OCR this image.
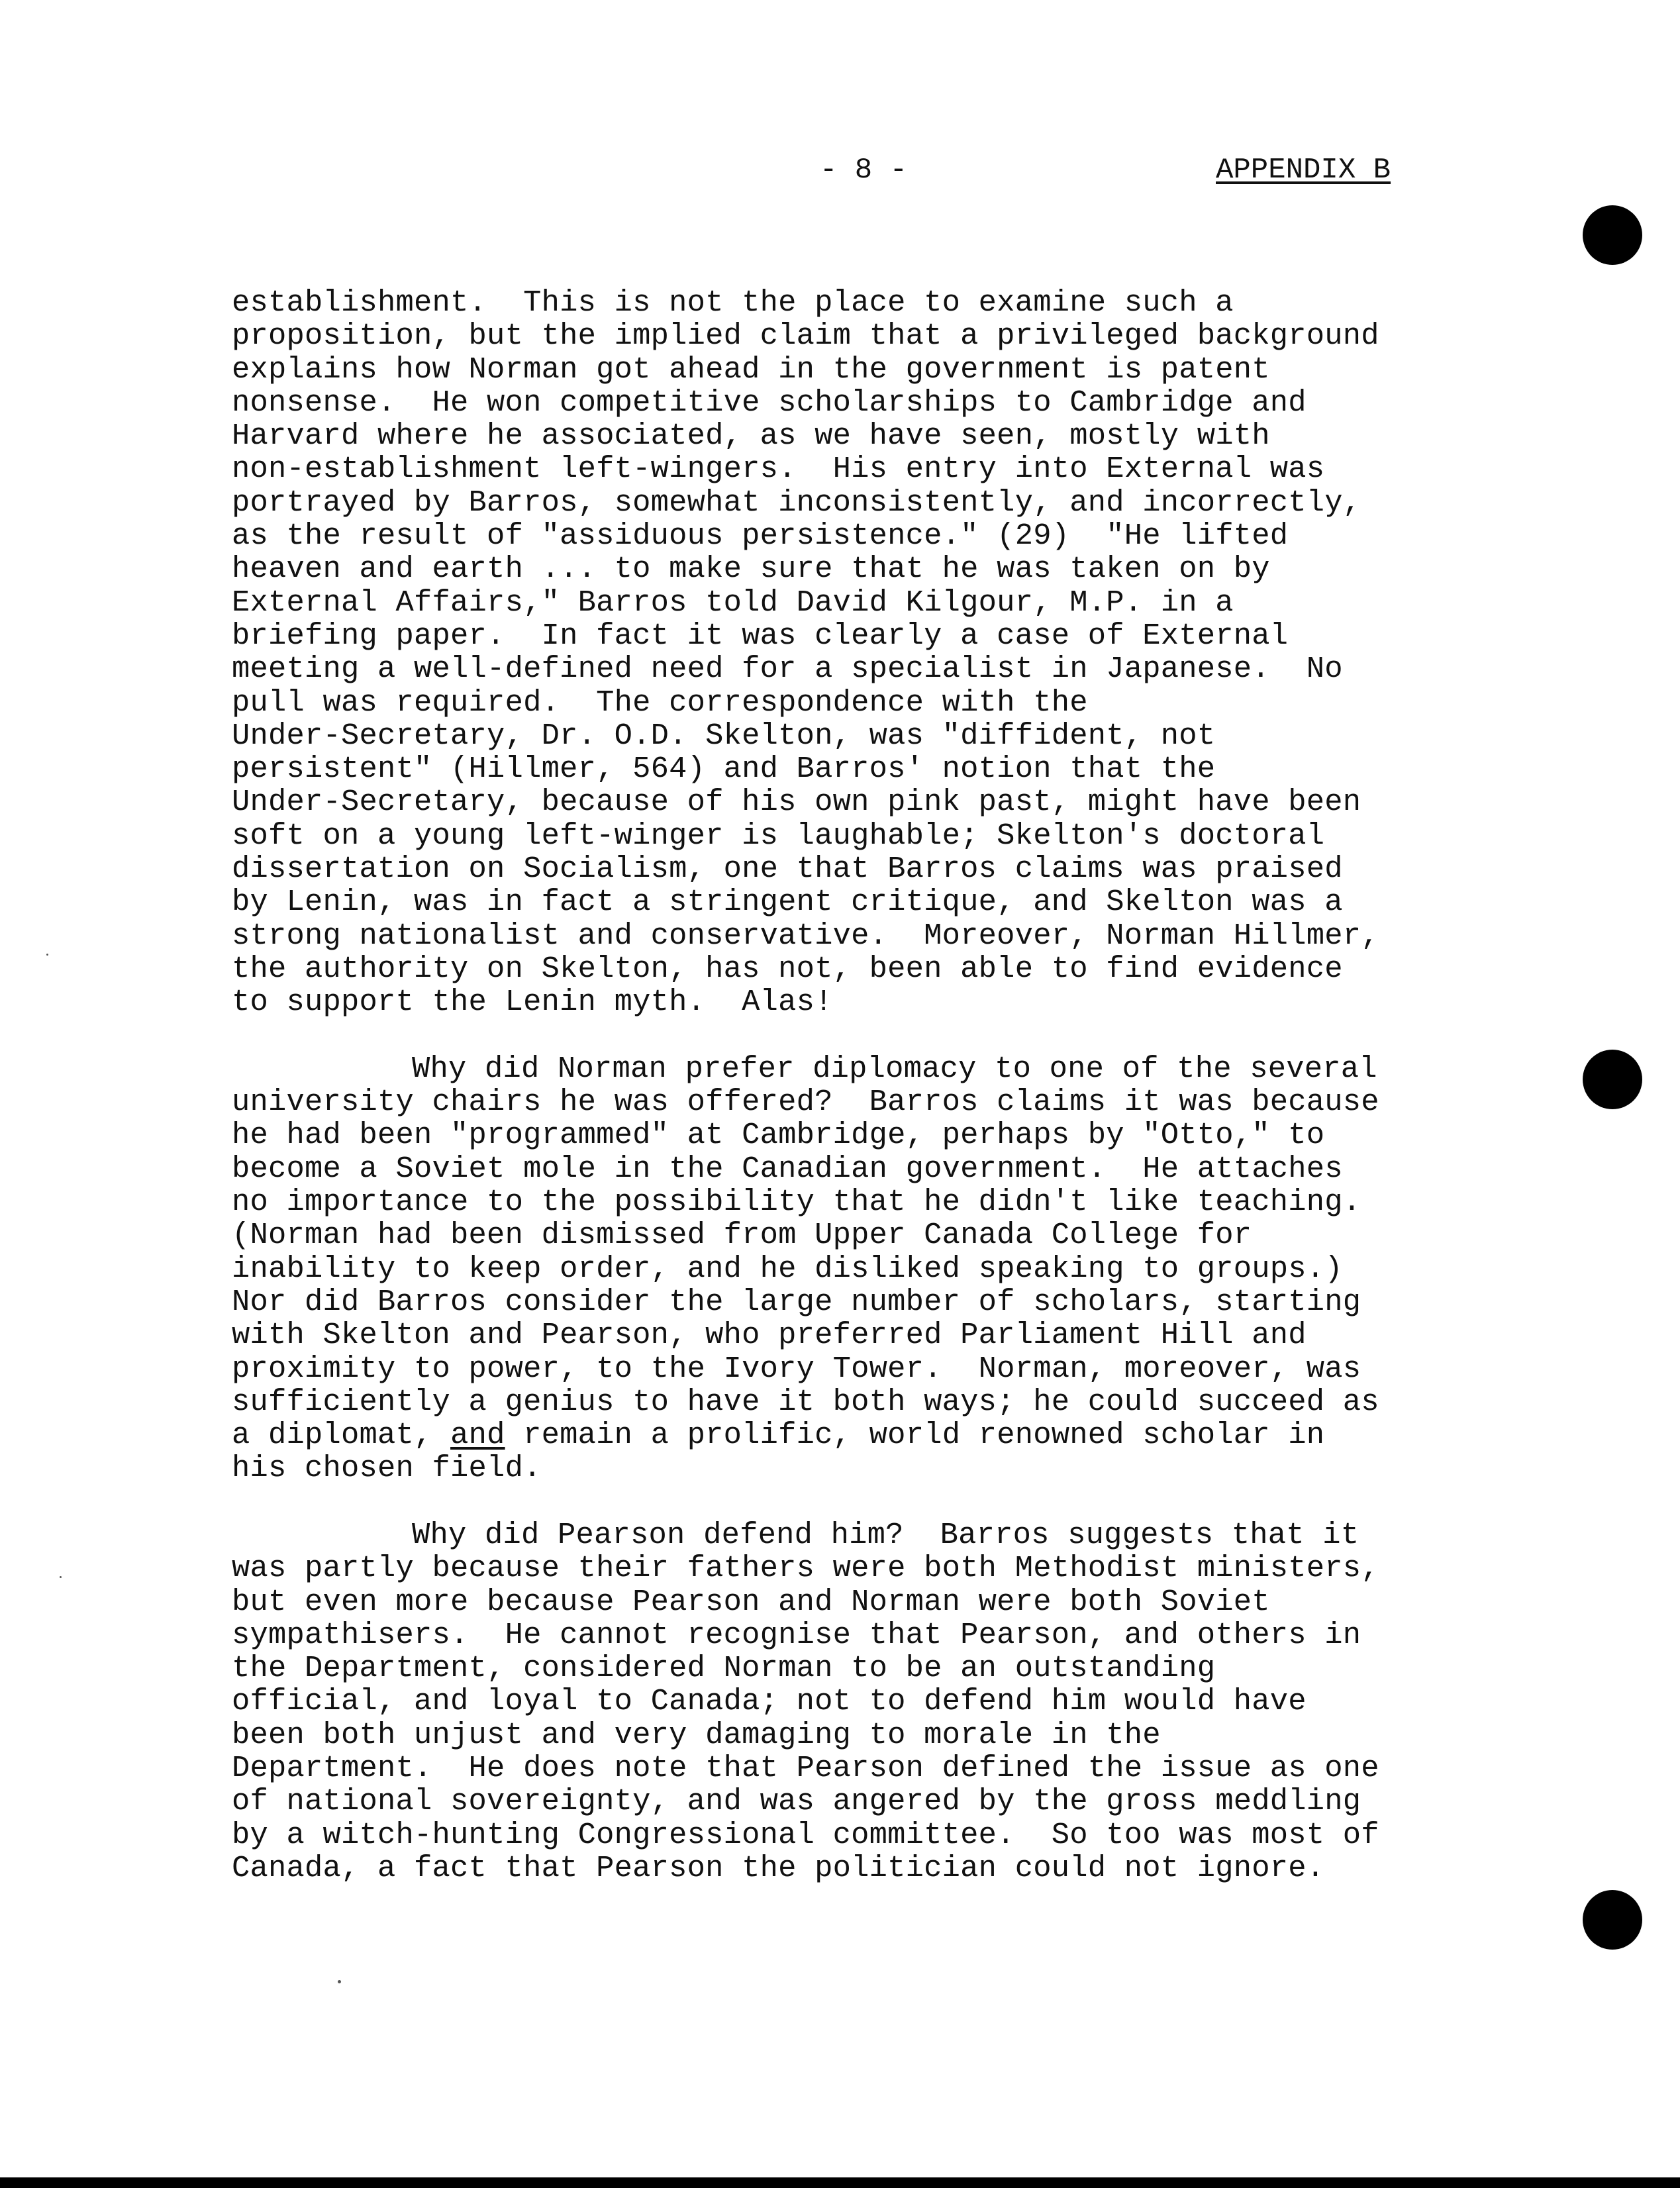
- 8 -	APPENDIX B
establishment.  This is not the place to examine such a
proposition, but the implied claim that a privileged background
explains how Norman got ahead in the government is patent
nonsense.  He won competitive scholarships to Cambridge and
Harvard where he associated, as we have seen, mostly with
non-establishment left-wingers.  His entry into External was
portrayed by Barros, somewhat inconsistently, and incorrectly,
as the result of "assiduous persistence." (29)  "He lifted
heaven and earth ... to make sure that he was taken on by
External Affairs," Barros told David Kilgour, M.P. in a
briefing paper.  In fact it was clearly a case of External
meeting a well-defined need for a specialist in Japanese.  No
pull was required.  The correspondence with the
Under-Secretary, Dr. O.D. Skelton, was "diffident, not
persistent" (Hillmer, 564) and Barros' notion that the
Under-Secretary, because of his own pink past, might have been
soft on a young left-winger is laughable; Skelton's doctoral
dissertation on Socialism, one that Barros claims was praised
by Lenin, was in fact a stringent critique, and Skelton was a
strong nationalist and conservative.  Moreover, Norman Hillmer,
the authority on Skelton, has not, been able to find evidence
to support the Lenin myth.  Alas!
Why did Norman prefer diplomacy to one of the several
university chairs he was offered?  Barros claims it was because
he had been "programmed" at Cambridge, perhaps by "Otto," to
become a Soviet mole in the Canadian government.  He attaches
no importance to the possibility that he didn't like teaching.
(Norman had been dismissed from Upper Canada College for
inability to keep order, and he disliked speaking to groups.)
Nor did Barros consider the large number of scholars, starting
with Skelton and Pearson, who preferred Parliament Hill and
proximity to power, to the Ivory Tower.  Norman, moreover, was
sufficiently a genius to have it both ways; he could succeed as
a diplomat, and remain a prolific, world renowned scholar in
his chosen field.
Why did Pearson defend him?  Barros suggests that it
was partly because their fathers were both Methodist ministers,
but even more because Pearson and Norman were both Soviet
sympathisers.  He cannot recognise that Pearson, and others in
the Department, considered Norman to be an outstanding
official, and loyal to Canada; not to defend him would have
been both unjust and very damaging to morale in the
Department.  He does note that Pearson defined the issue as one
of national sovereignty, and was angered by the gross meddling
by a witch-hunting Congressional committee.  So too was most of
Canada, a fact that Pearson the politician could not ignore.
